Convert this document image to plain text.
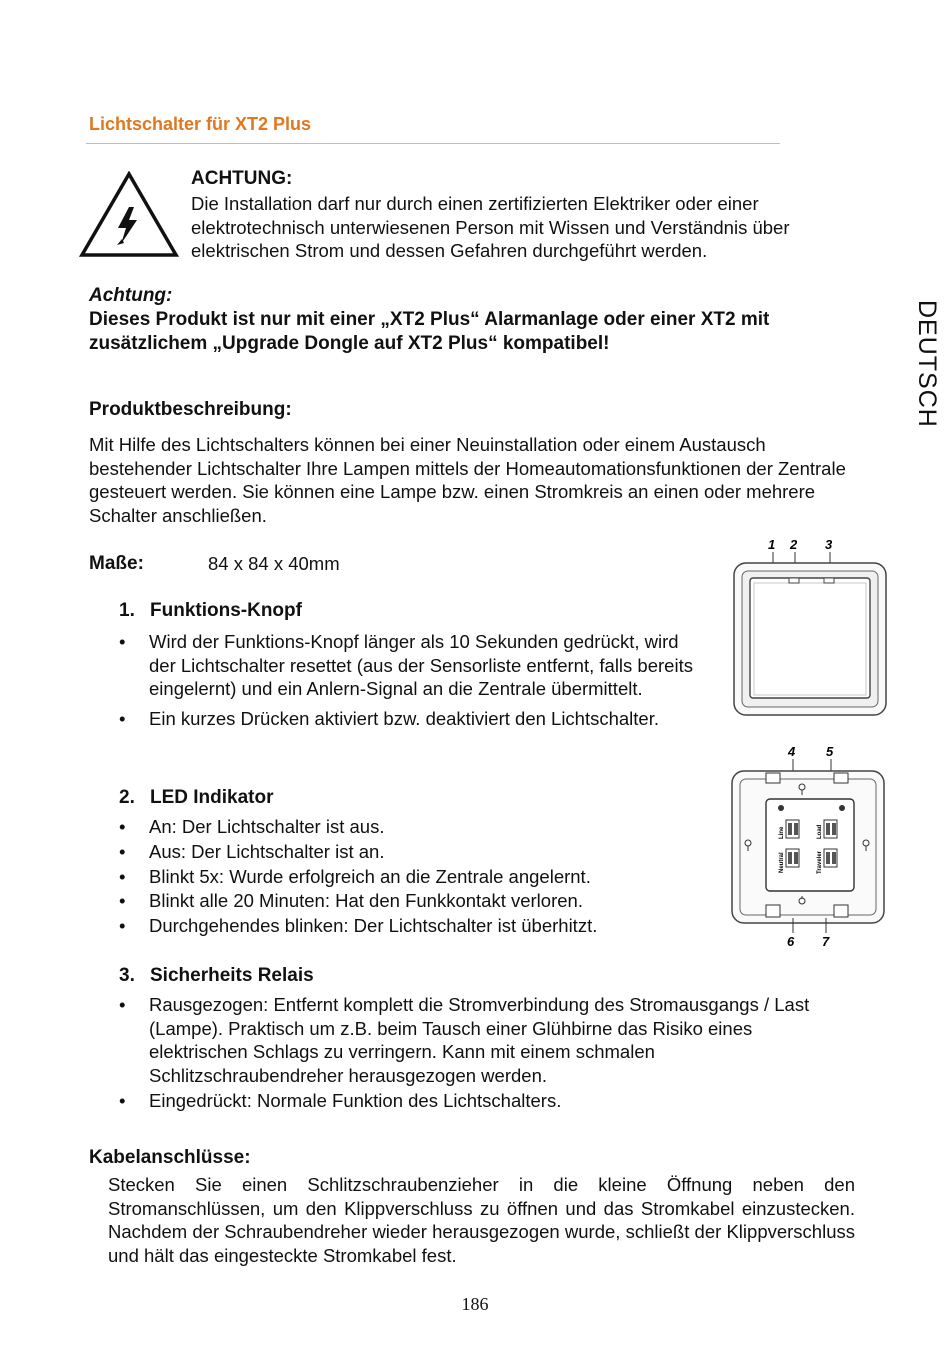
Lichtschalter für XT2 Plus
DEUTSCH
ACHTUNG:
Die Installation darf nur durch einen zertifizierten Elektriker oder einer elektrotechnisch unterwiesenen Person mit Wissen und Verständnis über elektrischen Strom und dessen Gefahren durchgeführt werden.
Achtung:
Dieses Produkt ist nur mit einer „XT2 Plus“ Alarmanlage oder einer XT2 mit zusätzlichem „Upgrade Dongle auf XT2 Plus“ kompatibel!
Produktbeschreibung:
Mit Hilfe des Lichtschalters können bei einer Neuinstallation oder einem Austausch bestehender Lichtschalter Ihre Lampen mittels der Homeautomationsfunktionen der Zentrale gesteuert werden. Sie können eine Lampe bzw. einen Stromkreis an einen oder mehrere Schalter anschließen.
Maße:	84 x 84 x 40mm
1. Funktions-Knopf
• Wird der Funktions-Knopf länger als 10 Sekunden gedrückt, wird der Lichtschalter resettet (aus der Sensorliste entfernt, falls bereits eingelernt) und ein Anlern-Signal an die Zentrale übermittelt.
• Ein kurzes Drücken aktiviert bzw. deaktiviert den Lichtschalter.
2. LED Indikator
• An: Der Lichtschalter ist aus.
• Aus: Der Lichtschalter ist an.
• Blinkt 5x: Wurde erfolgreich an die Zentrale angelernt.
• Blinkt alle 20 Minuten: Hat den Funkkontakt verloren.
• Durchgehendes blinken: Der Lichtschalter ist überhitzt.
3. Sicherheits Relais
• Rausgezogen: Entfernt komplett die Stromverbindung des Stromausgangs / Last (Lampe). Praktisch um z.B. beim Tausch einer Glühbirne das Risiko eines elektrischen Schlags zu verringern. Kann mit einem schmalen Schlitzschraubendreher herausgezogen werden.
• Eingedrückt: Normale Funktion des Lichtschalters.
Kabelanschlüsse:
Stecken Sie einen Schlitzschraubenzieher in die kleine Öffnung neben den Stromanschlüssen, um den Klippverschluss zu öffnen und das Stromkabel einzustecken. Nachdem der Schraubendreher wieder herausgezogen wurde, schließt der Klippverschluss und hält das eingesteckte Stromkabel fest.
186
1 2 3
4 5
Line	Load
Neutral	Traveler
6 7
